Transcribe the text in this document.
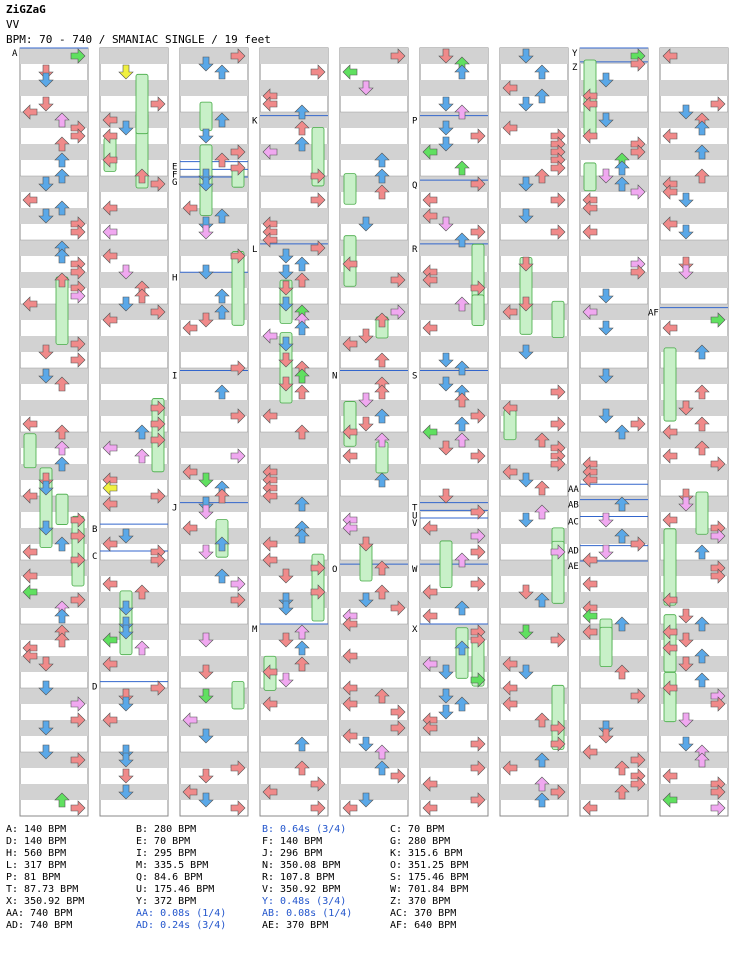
ZiGZaG
VV
BPM: 70 - 740 / SMANIAC SINGLE / 19 feet
A
B
C
D
E
F
G
H
I
J
K
L
M
N
O
P
Q
R
S
T
U
V
W
X
Y
Z
AA
AB
AC
AD
AE
AF
A: 140 BPM	B: 280 BPM	B: 0.64s (3/4)	C: 70 BPM
D: 140 BPM	E: 70 BPM	F: 140 BPM	G: 280 BPM
H: 560 BPM	I: 295 BPM	J: 296 BPM	K: 315.6 BPM
L: 317 BPM	M: 335.5 BPM	N: 350.08 BPM	O: 351.25 BPM
P: 81 BPM	Q: 84.6 BPM	R: 107.8 BPM	S: 175.46 BPM
T: 87.73 BPM	U: 175.46 BPM	V: 350.92 BPM	W: 701.84 BPM
X: 350.92 BPM	Y: 372 BPM	Y: 0.48s (3/4)	Z: 370 BPM
AA: 740 BPM	AA: 0.08s (1/4)	AB: 0.08s (1/4)	AC: 370 BPM
AD: 740 BPM	AD: 0.24s (3/4)	AE: 370 BPM	AF: 640 BPM
